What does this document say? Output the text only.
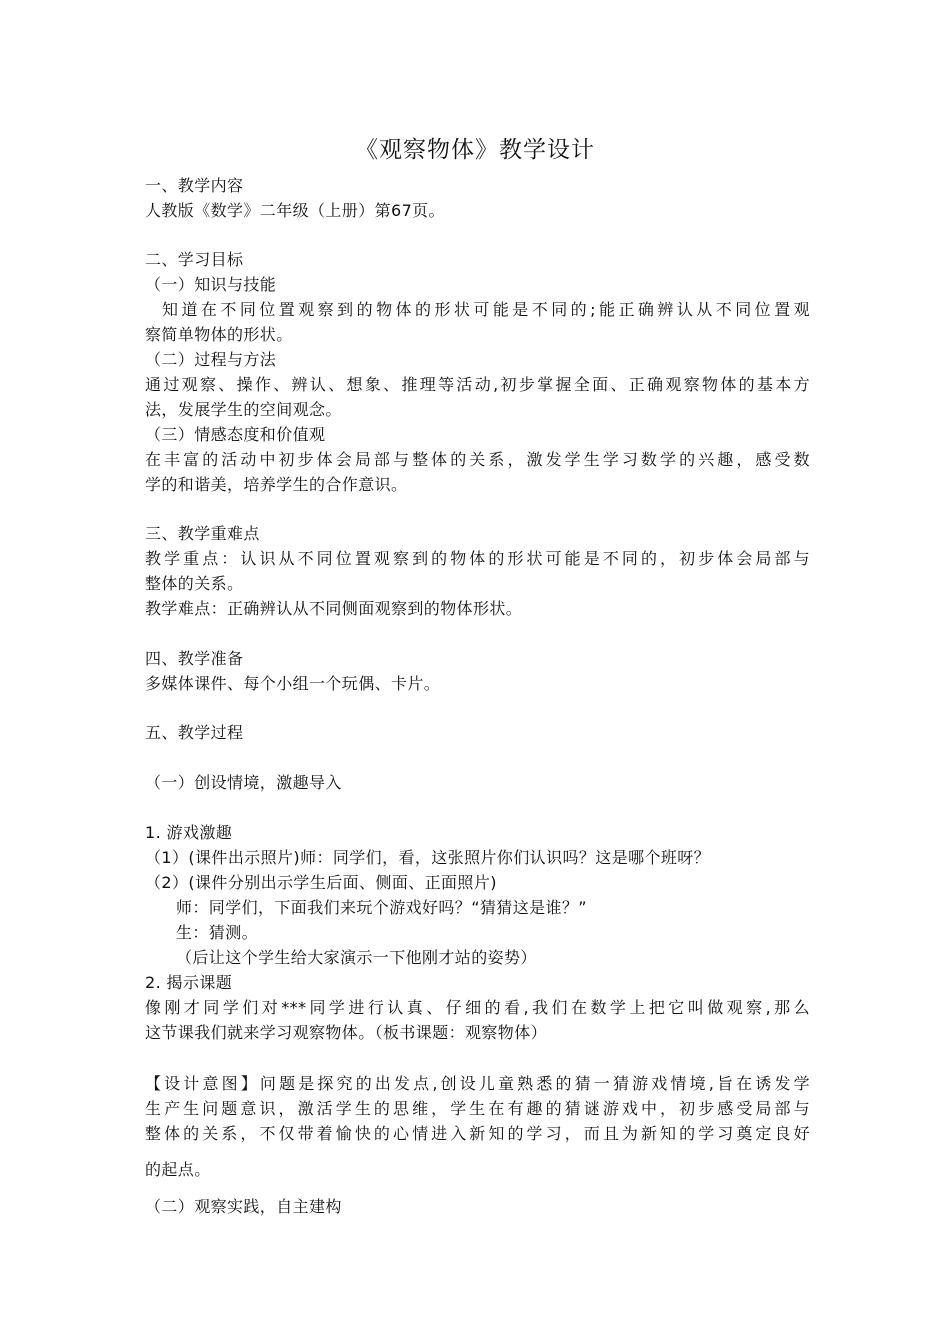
《观察物体》教学设计
一、教学内容
人教版《数学》二年级（上册）第67页。
二、学习目标
（一）知识与技能
知道在不同位置观察到的物体的形状可能是不同的;能正确辨认从不同位置观
察简单物体的形状。
（二）过程与方法
通过观察、操作、辨认、想象、推理等活动,初步掌握全面、正确观察物体的基本方
法，发展学生的空间观念。
（三）情感态度和价值观
在丰富的活动中初步体会局部与整体的关系，激发学生学习数学的兴趣，感受数
学的和谐美，培养学生的合作意识。
三、教学重难点
教学重点：认识从不同位置观察到的物体的形状可能是不同的，初步体会局部与
整体的关系。
教学难点：正确辨认从不同侧面观察到的物体形状。
四、教学准备
多媒体课件、每个小组一个玩偶、卡片。
五、教学过程
（一）创设情境，激趣导入
1. 游戏激趣
（1）(课件出示照片)师：同学们，看，这张照片你们认识吗？这是哪个班呀？
（2）(课件分别出示学生后面、侧面、正面照片)
师：同学们，下面我们来玩个游戏好吗？“猜猜这是谁？”
生：猜测。
（后让这个学生给大家演示一下他刚才站的姿势）
2. 揭示课题
像刚才同学们对***同学进行认真、仔细的看,我们在数学上把它叫做观察,那么
这节课我们就来学习观察物体。（板书课题：观察物体）
【设计意图】问题是探究的出发点,创设儿童熟悉的猜一猜游戏情境,旨在诱发学
生产生问题意识，激活学生的思维，学生在有趣的猜谜游戏中，初步感受局部与
整体的关系，不仅带着愉快的心情进入新知的学习，而且为新知的学习奠定良好
的起点。
（二）观察实践，自主建构
